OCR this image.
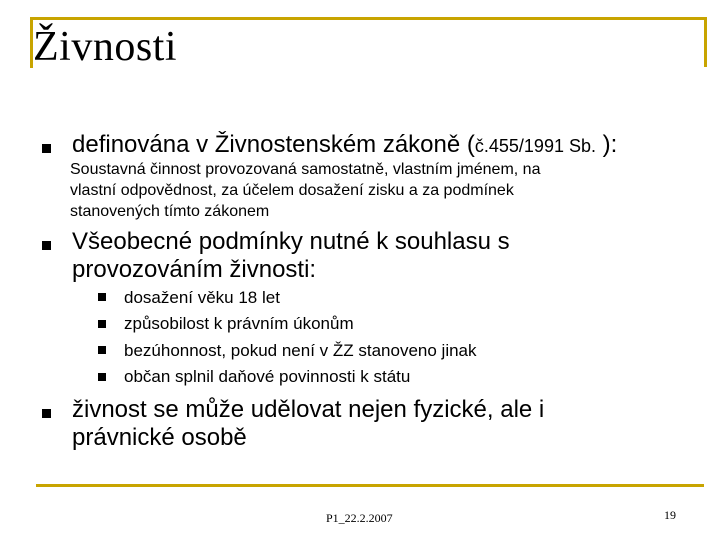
Živnosti
definována v Živnostenském zákoně (č.455/1991 Sb. ):
Soustavná činnost provozovaná samostatně, vlastním jménem, na
vlastní odpovědnost, za účelem dosažení zisku a za podmínek
stanovených tímto zákonem
Všeobecné podmínky nutné k souhlasu s
provozováním živnosti:
dosažení věku 18 let
způsobilost k právním úkonům
bezúhonnost, pokud není v ŽZ stanoveno jinak
občan splnil daňové povinnosti k státu
živnost se může udělovat nejen fyzické, ale i
právnické osobě
P1_22.2.2007	19
